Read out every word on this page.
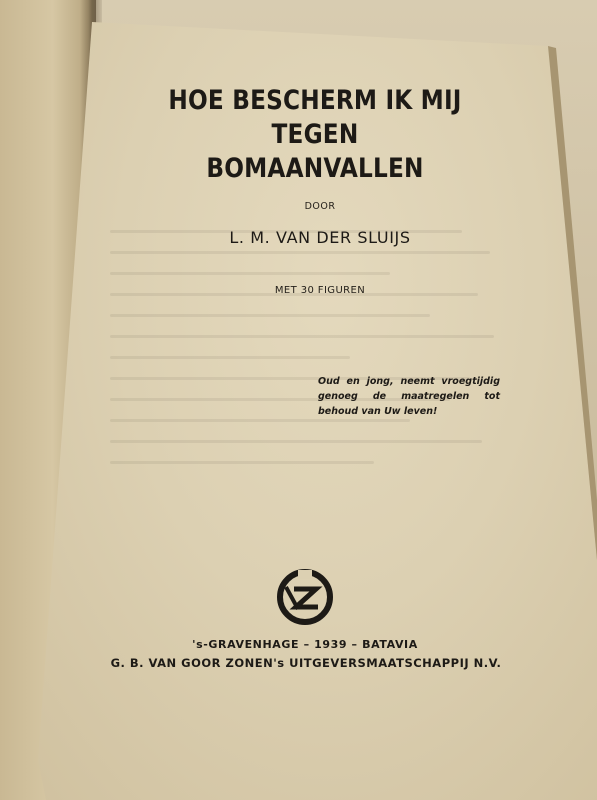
HOE BESCHERM IK MIJ TEGEN
BOMAANVALLEN
DOOR
L. M. VAN DER SLUIJS
MET 30 FIGUREN
Oud en jong, neemt vroegtijdig genoeg de maatregelen tot behoud van Uw leven!
's-GRAVENHAGE – 1939 – BATAVIA
G. B. VAN GOOR ZONEN's UITGEVERSMAATSCHAPPIJ N.V.
